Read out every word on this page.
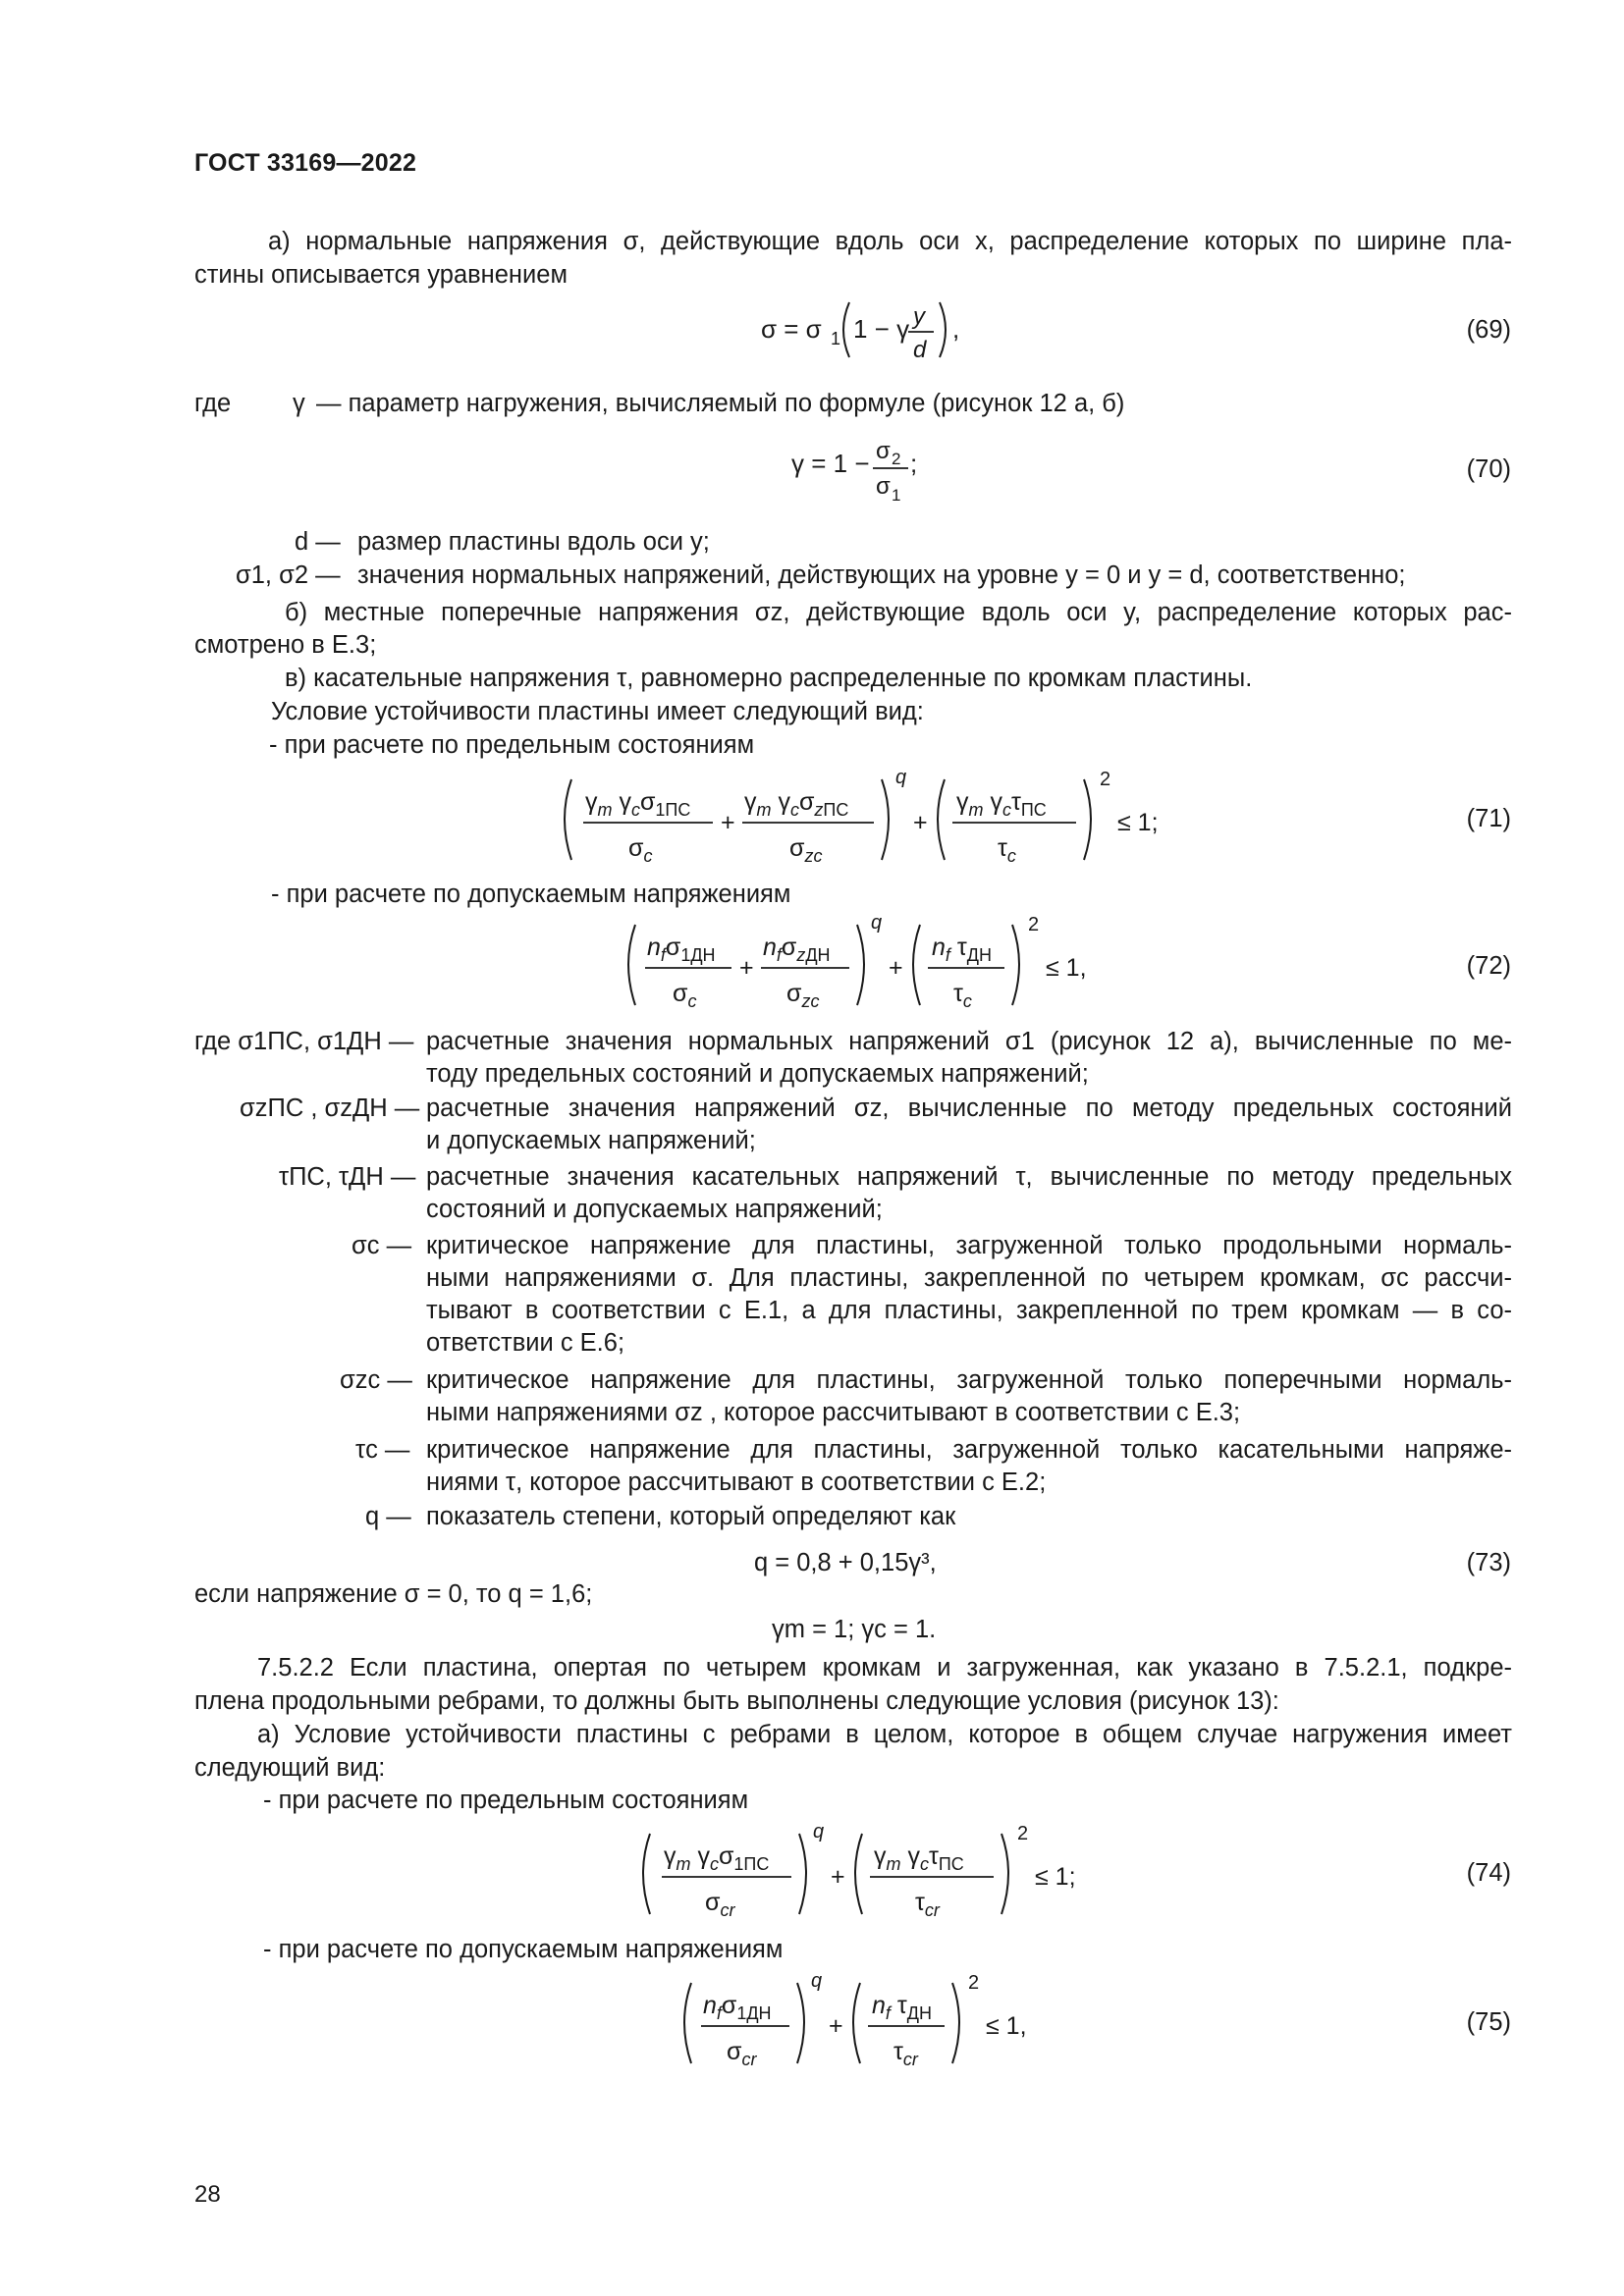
ГОСТ 33169—2022
а) нормальные напряжения σ, действующие вдоль оси x, распределение которых по ширине пла-
стины описывается уравнением
σ = σ 1 1 − γ y
d
,	(69)
где γ — параметр нагружения, вычисляемый по формуле (рисунок 12 а, б)
γ = 1 − σ 2
σ 1
;	(70)
d — размер пластины вдоль оси y;
σ1, σ2 — значения нормальных напряжений, действующих на уровне y = 0 и y = d, соответственно;
б) местные поперечные напряжения σz, действующие вдоль оси y, распределение которых рас-
смотрено в Е.3;
в) касательные напряжения τ, равномерно распределенные по кромкам пластины.
Условие устойчивости пластины имеет следующий вид:
- при расчете по предельным состояниям
$\gamma_m$ $\gamma_c\sigma_{1ПС}$
$\sigma_c$
+
$\gamma_m$ $\gamma_c\sigma_zПС$
$\sigma_{zc}$
q
+
$\gamma_m$ $\gamma_c\tau_{ПС}$
$\tau_c$
2
≤ 1;	(71)
- при расчете по допускаемым напряжениям
$n_f\sigma_{1ДН}$
$\sigma_c$
+
$n_f\sigma_zДН$
$\sigma_{zc}$
q
+
$n_f$ $\tau_{ДН}$
$\tau_c$
2
≤ 1,	(72)
где σ1ПС, σ1ДН — расчетные значения нормальных напряжений σ1 (рисунок 12 а), вычисленные по ме-
тоду предельных состояний и допускаемых напряжений;
σzПС , σzДН — расчетные значения напряжений σz, вычисленные по методу предельных состояний
и допускаемых напряжений;
τПС, τДН — расчетные значения касательных напряжений τ, вычисленные по методу предельных
состояний и допускаемых напряжений;
σc — критическое напряжение для пластины, загруженной только продольными нормаль-
ными напряжениями σ. Для пластины, закрепленной по четырем кромкам, σc рассчи-
тывают в соответствии с Е.1, а для пластины, закрепленной по трем кромкам — в со-
ответствии с Е.6;
σzc — критическое напряжение для пластины, загруженной только поперечными нормаль-
ными напряжениями σz , которое рассчитывают в соответствии с Е.3;
τc — критическое напряжение для пластины, загруженной только касательными напряже-
ниями τ, которое рассчитывают в соответствии с Е.2;
q — показатель степени, который определяют как
q = 0,8 + 0,15γ³,	(73)
если напряжение σ = 0, то q = 1,6;
γm = 1; γc = 1.
7.5.2.2 Если пластина, опертая по четырем кромкам и загруженная, как указано в 7.5.2.1, подкре-
плена продольными ребрами, то должны быть выполнены следующие условия (рисунок 13):
а) Условие устойчивости пластины с ребрами в целом, которое в общем случае нагружения имеет
следующий вид:
- при расчете по предельным состояниям
$\gamma_m$ $\gamma_c\sigma_{1ПС}$
$\sigma_{cr}$
q
+
$\gamma_m$ $\gamma_c\tau_{ПС}$
$\tau_{cr}$
2
≤ 1;	(74)
- при расчете по допускаемым напряжениям
$n_f\sigma_{1ДН}$
$\sigma_{cr}$
q
+
$n_f$ $\tau_{ДН}$
$\tau_{cr}$
2
≤ 1,	(75)
28
